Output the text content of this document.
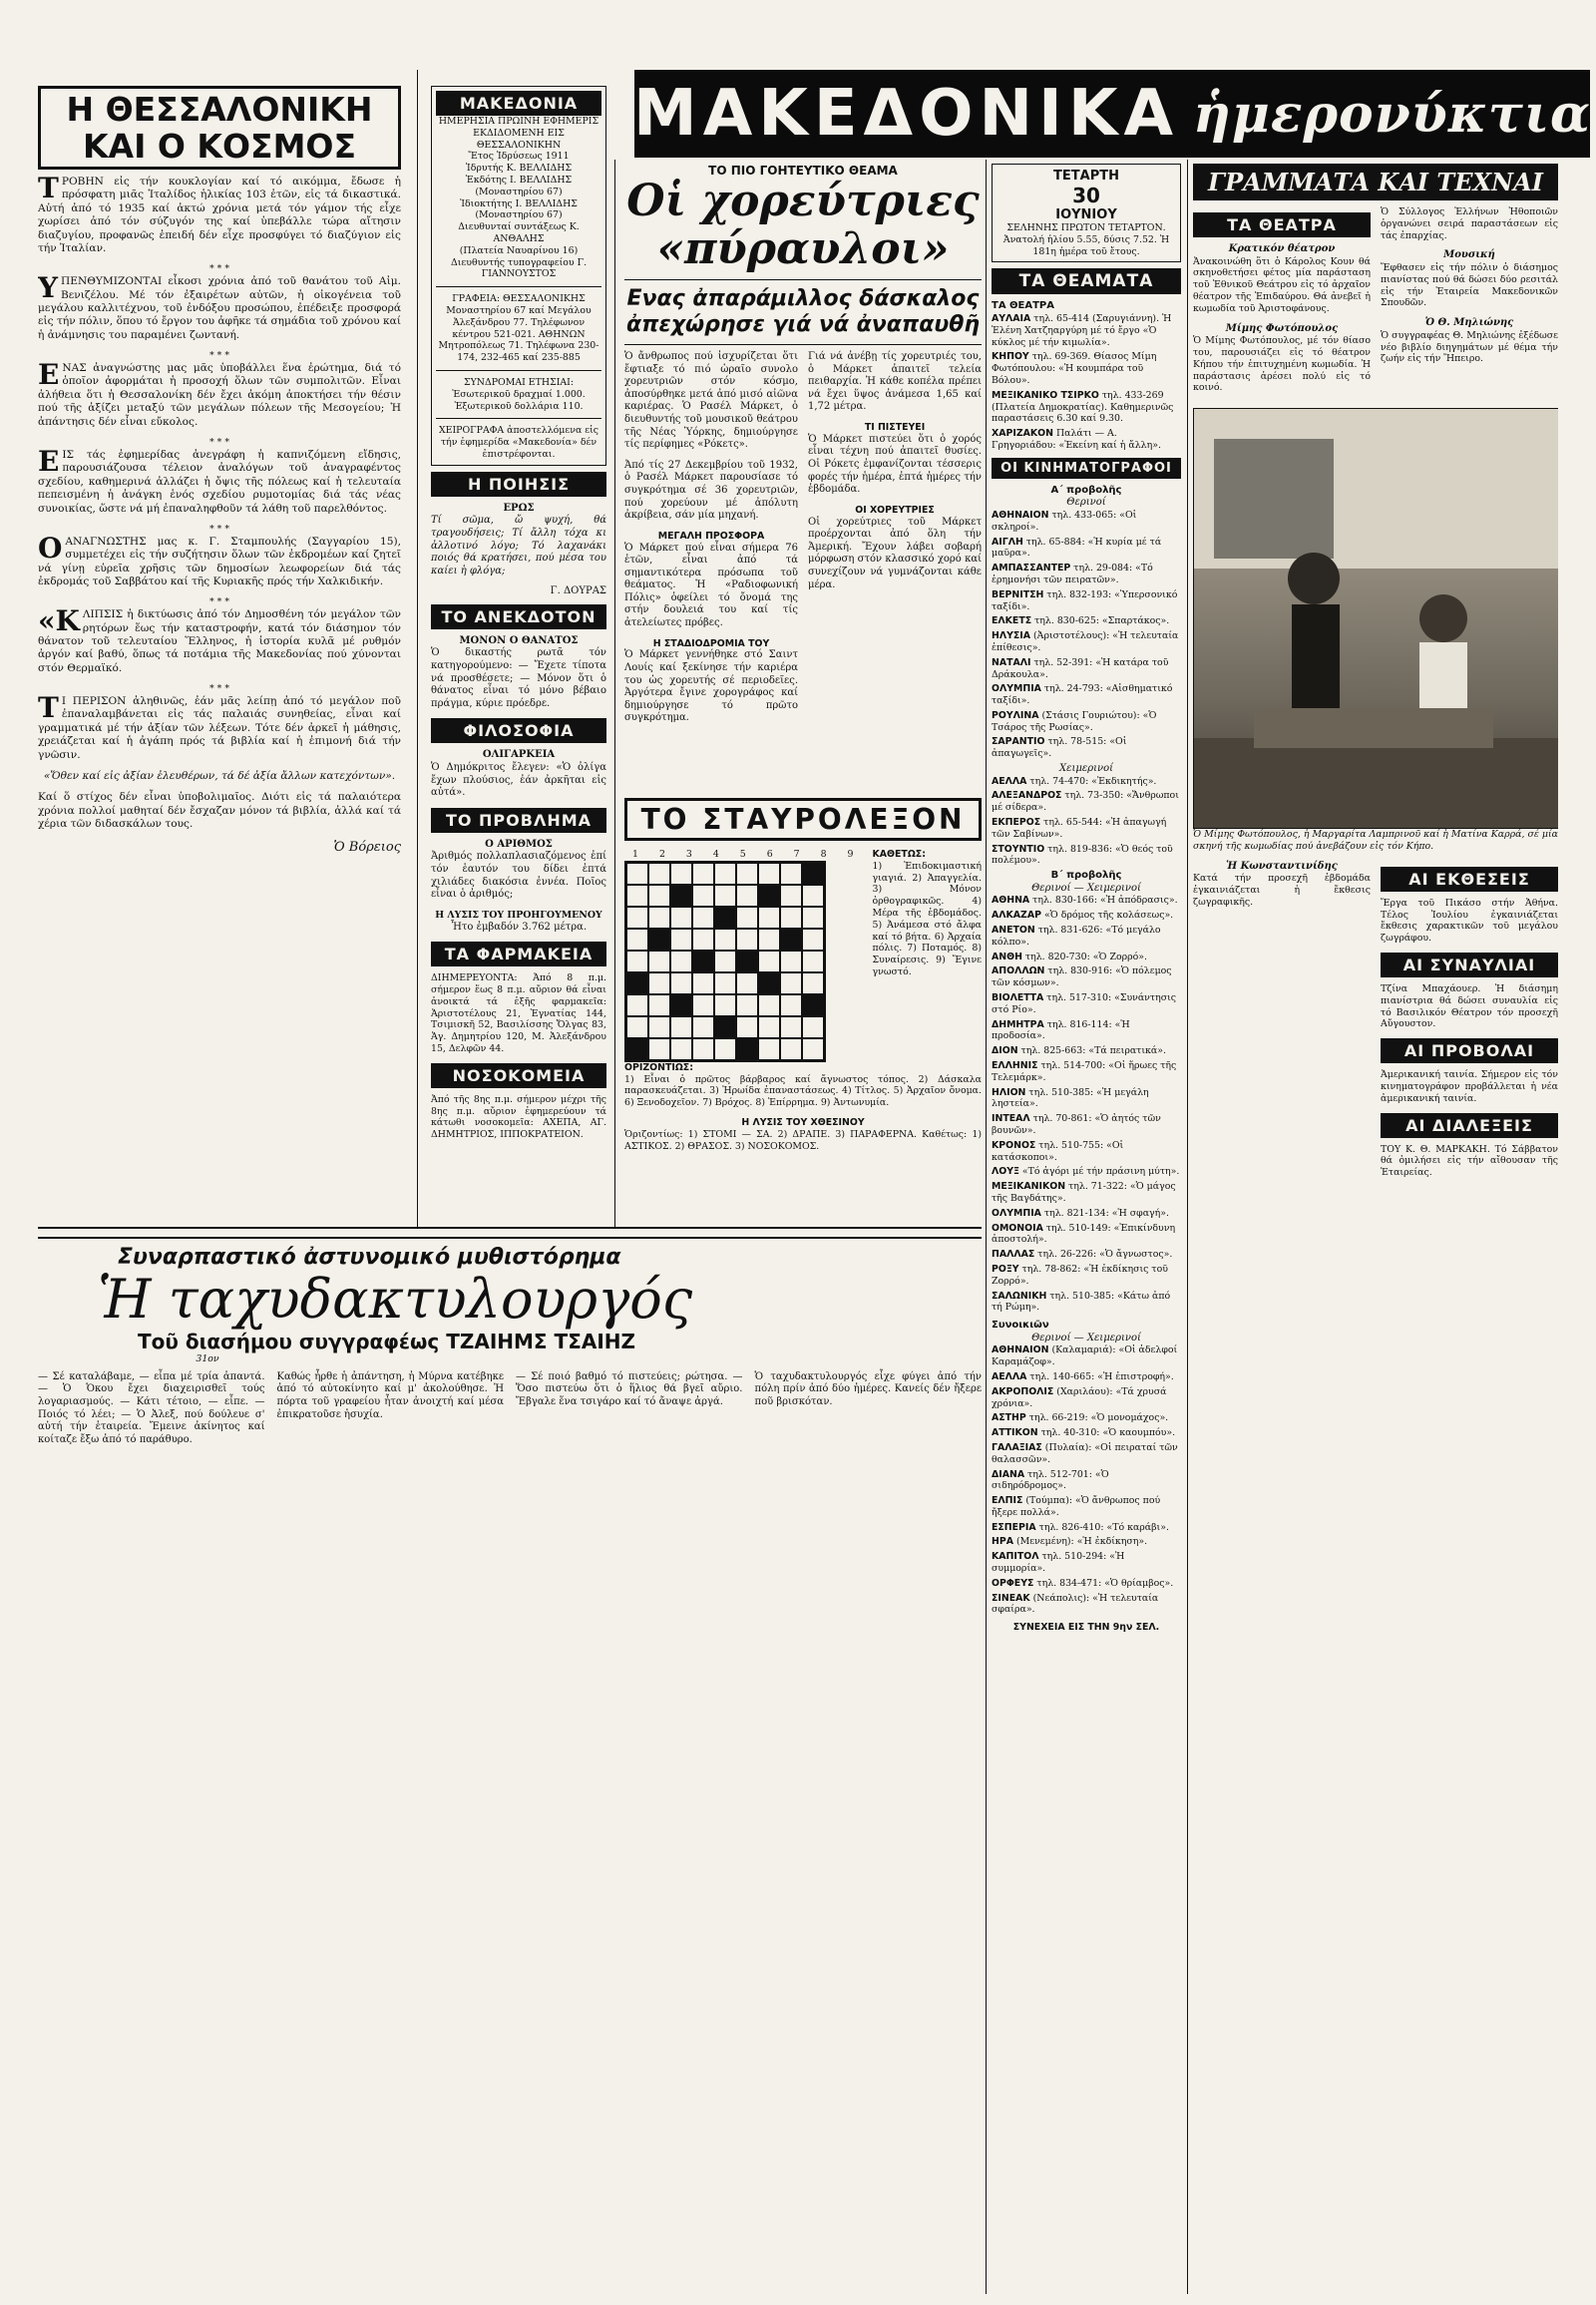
Η ΘΕΣΣΑΛΟΝΙΚΗ ΚΑΙ Ο ΚΟΣΜΟΣ

ΤΡΟΒΗΝ εἰς τήν κουκλογίαν καί τό αικόμμα, ἔδωσε ἡ πρόσφατη μιᾶς Ἰταλίδος ἡλικίας 103 ἐτῶν, εἰς τά δικαστικά. Αὐτή ἀπό τό 1935 καί ἀκτώ χρόνια μετά τόν γάμον τής εἶχε χωρίσει ἀπό τόν σύζυγόν της καί ὑπεβάλλε τώρα αἴτησιν διαζυγίου, προφανῶς ἐπειδή δέν εἶχε προσφύγει τό διαζύγιον εἰς τήν Ἰταλίαν.

* * *

ΥΠΕΝΘΥΜΙΖΟΝΤΑΙ εἶκοσι χρόνια ἀπό τοῦ θανάτου τοῦ Αἰμ. Βενιζέλου. Μέ τόν ἐξαιρέτων αὐτῶν, ἡ οἰκογένεια τοῦ μεγάλου καλλιτέχνου, τοῦ ἐνδόξου προσώπου, ἐπέδειξε προσφορά εἰς τήν πόλιν, ὅπου τό ἔργον του ἀφῆκε τά σημάδια τοῦ χρόνου καί ἡ ἀνάμνησις του παραμένει ζωντανή.

* * *

ΕΝΑΣ ἀναγνώστης μας μᾶς ὑποβάλλει ἕνα ἐρώτημα, διά τό ὁποῖον ἀφορμάται ἡ προσοχή ὅλων τῶν συμπολιτῶν. Εἶναι ἀλήθεια ὅτι ἡ Θεσσαλονίκη δέν ἔχει ἀκόμη ἀποκτήσει τήν θέσιν πού τῆς ἀξίζει μεταξύ τῶν μεγάλων πόλεων τῆς Μεσογείου; Ἡ ἀπάντησις δέν εἶναι εὔκολος.

* * *

ΕΙΣ τάς ἐφημερίδας ἀνεγράφη ἡ καπνιζόμενη εἴδησις, παρουσιάζουσα τέλειον ἀναλόγων τοῦ ἀναγραφέντος σχεδίου, καθημερινά ἀλλάζει ἡ ὄψις τῆς πόλεως καί ἡ τελευταία πεπεισμένη ἡ ἀνάγκη ἑνός σχεδίου ρυμοτομίας διά τάς νέας συνοικίας, ὥστε νά μή ἐπαναληφθοῦν τά λάθη τοῦ παρελθόντος.

* * *

ΟΑΝΑΓΝΩΣΤΗΣ μας κ. Γ. Σταμπουλής (Σαγγαρίου 15), συμμετέχει εἰς τήν συζήτησιν ὅλων τῶν ἐκδρομέων καί ζητεῖ νά γίνῃ εὐρεῖα χρῆσις τῶν δημοσίων λεωφορείων διά τάς ἐκδρομάς τοῦ Σαββάτου καί τῆς Κυριακῆς πρός τήν Χαλκιδικήν.

* * *

«ΚΛΙΠΣΙΣ ἡ δικτύωσις ἀπό τόν Δημοσθένη τόν μεγάλον τῶν ρητόρων ἕως τήν καταστροφήν, κατά τόν διάσημον τόν θάνατον τοῦ τελευταίου Ἕλληνος, ἡ ἱστορία κυλᾶ μέ ρυθμόν ἀργόν καί βαθύ, ὅπως τά ποτάμια τῆς Μακεδονίας πού χύνονται στόν Θερμαϊκό.

* * *

ΤΙ ΠΕΡΙΣΟΝ ἀληθινῶς, ἐάν μᾶς λείπῃ ἀπό τό μεγάλον ποῦ ἐπαναλαμβάνεται εἰς τάς παλαιάς συνηθείας, εἶναι καί γραμματικά μέ τήν ἀξίαν τῶν λέξεων. Τότε δέν ἀρκεῖ ἡ μάθησις, χρειάζεται καί ἡ ἀγάπη πρός τά βιβλία καί ἡ ἐπιμονή διά τήν γνῶσιν.

«Ὅθεν καί εἰς ἀξίαν ἐλευθέρων, τά δέ ἀξία ἄλλων κατεχόντων».

Καί ὅ στίχος δέν εἶναι ὑποβολιμαῖος. Διότι εἰς τά παλαιότερα χρόνια πολλοί μαθηταί δέν ἔσχαζαν μόνον τά βιβλία, ἀλλά καί τά χέρια τῶν διδασκάλων τους.

Ὁ Βόρειος
ΜΑΚΕΔΟΝΙΑ
ΗΜΕΡΗΣΙΑ ΠΡΩΙΝΗ ΕΦΗΜΕΡΙΣ ΕΚΔΙΔΟΜΕΝΗ ΕΙΣ ΘΕΣΣΑΛΟΝΙΚΗΝ
Ἔτος Ἱδρύσεως 1911
Ἱδρυτής Κ. ΒΕΛΛΙΔΗΣ
Ἐκδότης Ι. ΒΕΛΛΙΔΗΣ (Μοναστηρίου 67)
Ἰδιοκτήτης Ι. ΒΕΛΛΙΔΗΣ (Μοναστηρίου 67)
Διευθυνταί συντάξεως Κ. ΑΝΘΑΛΗΣ
(Πλατεία Ναυαρίνου 16) Διευθυντής τυπογραφείου Γ. ΓΙΑΝΝΟΥΣΤΟΣ
ΓΡΑΦΕΙΑ: ΘΕΣΣΑΛΟΝΙΚΗΣ Μοναστηρίου 67 καί Μεγάλου Ἀλεξάνδρου 77. Τηλέφωνον κέντρου 521-021. ΑΘΗΝΩΝ Μητροπόλεως 71. Τηλέφωνα 230-174, 232-465 καί 235-885
ΣΥΝΔΡΟΜΑΙ ΕΤΗΣΙΑΙ: Ἐσωτερικοῦ δραχμαί 1.000. Ἐξωτερικοῦ δολλάρια 110.
ΧΕΙΡΟΓΡΑΦΑ ἀποστελλόμενα εἰς τήν ἐφημερίδα «Μακεδονία» δέν ἐπιστρέφονται.
Η ΠΟΙΗΣΙΣ
ΕΡΩΣ

Τί σῶμα, ὤ ψυχή, θά τραγουδήσεις; Τί ἄλλη τόχα κι ἀλλοτινό λόγο; Τό λαχανάκι ποιός θά κρατήσει, πού μέσα του καίει ἡ φλόγα;

Γ. ΔΟΥΡΑΣ
ΤΟ ΑΝΕΚΔΟΤΟΝ
ΜΟΝΟΝ Ο ΘΑΝΑΤΟΣ

Ὁ δικαστής ρωτᾶ τόν κατηγορούμενο: — Ἔχετε τίποτα νά προσθέσετε; — Μόνον ὅτι ὁ θάνατος εἶναι τό μόνο βέβαιο πράγμα, κύριε πρόεδρε.

ΦΙΛΟΣΟΦΙΑ
ΟΛΙΓΑΡΚΕΙΑ

Ὁ Δημόκριτος ἔλεγεν: «Ὁ ὀλίγα ἔχων πλούσιος, ἐάν ἀρκῆται εἰς αὐτά».

ΤΟ ΠΡΟΒΛΗΜΑ
Ο ΑΡΙΘΜΟΣ

Ἀριθμός πολλαπλασιαζόμενος ἐπί τόν ἑαυτόν του δίδει ἑπτά χιλιάδες διακόσια ἐννέα. Ποῖος εἶναι ὁ ἀριθμός;

Η ΛΥΣΙΣ ΤΟΥ ΠΡΟΗΓΟΥΜΕΝΟΥ

Ἦτο ἐμβαδόν 3.762 μέτρα.

ΤΑ ΦΑΡΜΑΚΕΙΑ

ΔΙΗΜΕΡΕΥΟΝΤΑ: Ἀπό 8 π.μ. σήμερον ἕως 8 π.μ. αὔριον θά εἶναι ἀνοικτά τά ἑξῆς φαρμακεῖα: Ἀριστοτέλους 21, Ἐγνατίας 144, Τσιμισκῆ 52, Βασιλίσσης Ὄλγας 83, Ἁγ. Δημητρίου 120, Μ. Ἀλεξάνδρου 15, Δελφῶν 44.

ΝΟΣΟΚΟΜΕΙΑ

Ἀπό τῆς 8ης π.μ. σήμερον μέχρι τῆς 8ης π.μ. αὔριον ἐφημερεύουν τά κάτωθι νοσοκομεῖα: ΑΧΕΠΑ, ΑΓ. ΔΗΜΗΤΡΙΟΣ, ΙΠΠΟΚΡΑΤΕΙΟΝ.

ΜΑΚΕΔΟΝΙΚΑ ἡμερονύκτια
ΤΟ ΠΙΟ ΓΟΗΤΕΥΤΙΚΟ ΘΕΑΜΑ
Οἱ χορεύτριες «πύραυλοι»
Ενας ἀπαράμιλλος δάσκαλος ἀπεχώρησε γιά νά ἀναπαυθῆ

Ὁ ἄνθρωπος πού ἰσχυρίζεται ὅτι ἔφτιαξε τό πιό ὡραῖο συνολο χορευτριῶν στόν κόσμο, ἀποσύρθηκε μετά ἀπό μισό αἰῶνα καριέρας. Ὁ Ρασέλ Μάρκετ, ὁ διευθυντής τοῦ μουσικοῦ θεάτρου τῆς Νέας Ὑόρκης, δημιούργησε τίς περίφημες «Ρόκετς».

Ἀπό τίς 27 Δεκεμβρίου τοῦ 1932, ὁ Ρασέλ Μάρκετ παρουσίασε τό συγκρότημα σέ 36 χορευτριῶν, πού χορεύουν μέ ἀπόλυτη ἀκρίβεια, σάν μία μηχανή.

ΜΕΓΑΛΗ ΠΡΟΣΦΟΡΑ

Ὁ Μάρκετ πού εἶναι σήμερα 76 ἐτῶν, εἶναι ἀπό τά σημαντικότερα πρόσωπα τοῦ θεάματος. Ἡ «Ραδιοφωνική Πόλις» ὀφείλει τό ὄνομά της στήν δουλειά του καί τίς ἀτελείωτες πρόβες.

Η ΣΤΑΔΙΟΔΡΟΜΙΑ ΤΟΥ

Ὁ Μάρκετ γεννήθηκε στό Σαιντ Λουίς καί ξεκίνησε τήν καριέρα του ὡς χορευτής σέ περιοδεῖες. Ἀργότερα ἔγινε χορογράφος καί δημιούργησε τό πρῶτο συγκρότημα.

Γιά νά ἀνέβῃ τίς χορευτριές του, ὁ Μάρκετ ἀπαιτεῖ τελεία πειθαρχία. Ἡ κάθε κοπέλα πρέπει νά ἔχει ὕψος ἀνάμεσα 1,65 καί 1,72 μέτρα.

ΤΙ ΠΙΣΤΕΥΕΙ

Ὁ Μάρκετ πιστεύει ὅτι ὁ χορός εἶναι τέχνη πού ἀπαιτεῖ θυσίες. Οἱ Ρόκετς ἐμφανίζονται τέσσερις φορές τήν ἡμέρα, ἐπτά ἡμέρες τήν ἑβδομάδα.

ΟΙ ΧΟΡΕΥΤΡΙΕΣ

Οἱ χορεύτριες τοῦ Μάρκετ προέρχονται ἀπό ὅλη τήν Ἀμερική. Ἔχουν λάβει σοβαρή μόρφωση στόν κλασσικό χορό καί συνεχίζουν νά γυμνάζονται κάθε μέρα.

ΤΟ ΣΤΑΥΡΟΛΕΞΟΝ
1 2 3 4 5 6 7 8 9 ΚΑΘΕΤΩΣ:

1) Ἐπιδοκιμαστική γιαγιά. 2) Ἀπαγγελία. 3) Μόνον ὀρθογραφικῶς. 4) Μέρα τῆς ἑβδομάδος. 5) Ἀνάμεσα στό ἄλφα καί τό βήτα. 6) Ἀρχαία πόλις. 7) Ποταμός. 8) Συναίρεσις. 9) Ἔγινε γνωστό.

ΟΡΙΖΟΝΤΙΩΣ:

1) Εἶναι ὁ πρῶτος βάρβαρος καί ἄγνωστος τόπος. 2) Δάσκαλα παρασκευάζεται. 3) Ἠρωίδα ἐπαναστάσεως. 4) Τίτλος. 5) Ἀρχαῖον ὄνομα. 6) Ξενοδοχεῖον. 7) Βρόχος. 8) Ἐπίρρημα. 9) Ἀντωνυμία.

Η ΛΥΣΙΣ ΤΟΥ ΧΘΕΣΙΝΟΥ

Ὁριζοντίως: 1) ΣΤΟΜΙ — ΣΑ. 2) ΔΡΑΠΕ. 3) ΠΑΡΑΦΕΡΝΑ. Καθέτως: 1) ΑΣΤΙΚΟΣ. 2) ΘΡΑΣΟΣ. 3) ΝΟΣΟΚΟΜΟΣ.

ΤΕΤΑΡΤΗ
30
ΙΟΥΝΙΟΥ
ΣΕΛΗΝΗΣ ΠΡΩΤΟΝ ΤΕΤΑΡΤΟΝ. Ἀνατολή ἡλίου 5.55, δύσις 7.52. Ἡ 181η ἡμέρα τοῦ ἔτους.
ΤΑ ΘΕΑΜΑΤΑ
ΤΑ ΘΕΑΤΡΑ
ΑΥΛΑΙΑ τηλ. 65-414 (Σαρυγιάννη). Ἡ Ἑλένη Χατζηαργύρη μέ τό ἔργο «Ὁ κύκλος μέ τήν κιμωλία».
ΚΗΠΟΥ τηλ. 69-369. Θίασος Μίμη Φωτόπουλου: «Ἡ κουμπάρα τοῦ Βόλου».
ΜΕΞΙΚΑΝΙΚΟ ΤΣΙΡΚΟ τηλ. 433-269 (Πλατεία Δημοκρατίας). Καθημερινῶς παραστάσεις 6.30 καί 9.30.
ΧΑΡΙΖΑΚΟΝ Παλάτι — Α. Γρηγοριάδου: «Ἐκείνη καί ἡ ἄλλη».
ΟΙ ΚΙΝΗΜΑΤΟΓΡΑΦΟΙ
Α΄ προβολῆς
Θερινοί
ΑΘΗΝΑΙΟΝ τηλ. 433-065: «Οἱ σκληροί».
ΑΙΓΛΗ τηλ. 65-884: «Ἡ κυρία μέ τά μαῦρα».
ΑΜΠΑΣΣΑΝΤΕΡ τηλ. 29-084: «Τό ἐρημονήσι τῶν πειρατῶν».
ΒΕΡΝΙΤΣΗ τηλ. 832-193: «Ὑπερσονικό ταξίδι».
ΕΛΚΕΤΣ τηλ. 830-625: «Σπαρτάκος».
ΗΛΥΣΙΑ (Ἀριστοτέλους): «Ἡ τελευταία ἐπίθεσις».
ΝΑΤΑΛΙ τηλ. 52-391: «Ἡ κατάρα τοῦ Δράκουλα».
ΟΛΥΜΠΙΑ τηλ. 24-793: «Αἰσθηματικό ταξίδι».
ΡΟΥΛΙΝΑ (Στάσις Γουριώτου): «Ὁ Τσάρος τῆς Ρωσίας».
ΣΑΡΑΝΤΙΟ τηλ. 78-515: «Οἱ ἀπαγωγεῖς».
Χειμερινοί
ΑΕΛΛΑ τηλ. 74-470: «Ἐκδικητής».
ΑΛΕΞΑΝΔΡΟΣ τηλ. 73-350: «Ἄνθρωποι μέ σίδερα».
ΕΚΠΕΡΟΣ τηλ. 65-544: «Ἡ ἀπαγωγή τῶν Σαβίνων».
ΣΤΟΥΝΤΙΟ τηλ. 819-836: «Ὁ θεός τοῦ πολέμου».
Β΄ προβολῆς
Θερινοί — Χειμερινοί
ΑΘΗΝΑ τηλ. 830-166: «Ἡ ἀπόδρασις».
ΑΛΚΑΖΑΡ «Ὁ δρόμος τῆς κολάσεως».
ΑΝΕΤΟΝ τηλ. 831-626: «Τό μεγάλο κόλπο».
ΑΝΘΗ τηλ. 820-730: «Ὁ Ζορρό».
ΑΠΟΛΛΩΝ τηλ. 830-916: «Ὁ πόλεμος τῶν κόσμων».
ΒΙΟΛΕΤΤΑ τηλ. 517-310: «Συνάντησις στό Ρίο».
ΔΗΜΗΤΡΑ τηλ. 816-114: «Ἡ προδοσία».
ΔΙΟΝ τηλ. 825-663: «Τά πειρατικά».
ΕΛΛΗΝΙΣ τηλ. 514-700: «Οἱ ἥρωες τῆς Τελεμάρκ».
ΗΛΙΟΝ τηλ. 510-385: «Ἡ μεγάλη ληστεία».
ΙΝΤΕΑΛ τηλ. 70-861: «Ὁ ἀητός τῶν βουνῶν».
ΚΡΟΝΟΣ τηλ. 510-755: «Οἱ κατάσκοποι».
ΛΟΥΞ «Τό ἀγόρι μέ τήν πράσινη μύτη».
ΜΕΞΙΚΑΝΙΚΟΝ τηλ. 71-322: «Ὁ μάγος τῆς Βαγδάτης».
ΟΛΥΜΠΙΑ τηλ. 821-134: «Ἡ σφαγή».
ΟΜΟΝΟΙΑ τηλ. 510-149: «Ἐπικίνδυνη ἀποστολή».
ΠΑΛΛΑΣ τηλ. 26-226: «Ὁ ἄγνωστος».
ΡΟΞΥ τηλ. 78-862: «Ἡ ἐκδίκησις τοῦ Ζορρό».
ΣΑΛΩΝΙΚΗ τηλ. 510-385: «Κάτω ἀπό τή Ρώμη».
Συνοικιῶν
Θερινοί — Χειμερινοί
ΑΘΗΝΑΙΟΝ (Καλαμαριά): «Οἱ ἀδελφοί Καραμάζοφ».
ΑΕΛΛΑ τηλ. 140-665: «Ἡ ἐπιστροφή».
ΑΚΡΟΠΟΛΙΣ (Χαριλάου): «Τά χρυσά χρόνια».
ΑΣΤΗΡ τηλ. 66-219: «Ὁ μονομάχος».
ΑΤΤΙΚΟΝ τηλ. 40-310: «Ὁ καουμπόυ».
ΓΑΛΑΞΙΑΣ (Πυλαία): «Οἱ πειραταί τῶν θαλασσῶν».
ΔΙΑΝΑ τηλ. 512-701: «Ὁ σιδηρόδρομος».
ΕΛΠΙΣ (Τούμπα): «Ὁ ἄνθρωπος πού ἤξερε πολλά».
ΕΣΠΕΡΙΑ τηλ. 826-410: «Τό καράβι».
ΗΡΑ (Μενεμένη): «Ἡ ἐκδίκηση».
ΚΑΠΙΤΟΛ τηλ. 510-294: «Ἡ συμμορία».
ΟΡΦΕΥΣ τηλ. 834-471: «Ὁ θρίαμβος».
ΣΙΝΕΑΚ (Νεάπολις): «Ἡ τελευταία σφαίρα».
ΣΥΝΕΧΕΙΑ ΕΙΣ ΤΗΝ 9ην ΣΕΛ.
ΓΡΑΜΜΑΤΑ ΚΑΙ ΤΕΧΝΑΙ
ΤΑ ΘΕΑΤΡΑ
Κρατικόν θέατρον

Ἀνακοινώθη ὅτι ὁ Κάρολος Κουν θά σκηνοθετήσει φέτος μία παράσταση τοῦ Ἐθνικοῦ Θεάτρου εἰς τό ἀρχαῖον θέατρον τῆς Ἐπιδαύρου. Θά ἀνεβεῖ ἡ κωμωδία τοῦ Ἀριστοφάνους.

Μίμης Φωτόπουλος

Ὁ Μίμης Φωτόπουλος, μέ τόν θίασο του, παρουσιάζει εἰς τό θέατρον Κήπου τήν ἐπιτυχημένη κωμωδία. Ἡ παράστασις ἀρέσει πολύ εἰς τό κοινό.

Ὁ Σύλλογος Ἑλλήνων Ἠθοποιῶν ὀργανώνει σειρά παραστάσεων εἰς τάς ἐπαρχίας.

Μουσική

Ἔφθασεν εἰς τήν πόλιν ὁ διάσημος πιανίστας πού θά δώσει δύο ρεσιτάλ εἰς τήν Ἑταιρεία Μακεδονικῶν Σπουδῶν.

Ὁ Θ. Μηλιώνης

Ὁ συγγραφέας Θ. Μηλιώνης ἐξέδωσε νέο βιβλίο διηγημάτων μέ θέμα τήν ζωήν εἰς τήν Ἤπειρο.

Ὁ Μίμης Φωτόπουλος, ἡ Μαργαρίτα Λαμπρινοῦ καί ἡ Ματίνα Καρρά, σέ μία σκηνή τῆς κωμωδίας πού ἀνεβάζουν εἰς τόν Κήπο.

Ἡ Κωνσταντινίδης

Κατά τήν προσεχῆ ἑβδομάδα ἐγκαινιάζεται ἡ ἔκθεσις ζωγραφικῆς.

ΑΙ ΕΚΘΕΣΕΙΣ

Ἔργα τοῦ Πικάσο στήν Ἀθήνα. Τέλος Ἰουλίου ἐγκαινιάζεται ἔκθεσις χαρακτικῶν τοῦ μεγάλου ζωγράφου.

ΑΙ ΣΥΝΑΥΛΙΑΙ

Τζίνα Μπαχάουερ. Ἡ διάσημη πιανίστρια θά δώσει συναυλία εἰς τό Βασιλικόν Θέατρον τόν προσεχῆ Αὔγουστον.

ΑΙ ΠΡΟΒΟΛΑΙ

Ἀμερικανική ταινία. Σήμερον εἰς τόν κινηματογράφον προβάλλεται ἡ νέα ἀμερικανική ταινία.

ΑΙ ΔΙΑΛΕΞΕΙΣ

ΤΟΥ Κ. Θ. ΜΑΡΚΑΚΗ. Τό Σάββατον θά ὁμιλήσει εἰς τήν αἴθουσαν τῆς Ἑταιρείας.

Συναρπαστικό ἀστυνομικό μυθιστόρημα
Ἡ ταχυδακτυλουργός
Τοῦ διασήμου συγγραφέως ΤΖΑΙΗΜΣ ΤΣΑΙΗΖ
31ον

— Σέ καταλάβαμε, — εἶπα μέ τρία ἀπαντά. — Ὁ Ὁκου ἔχει διαχειρισθεῖ τούς λογαριασμούς. — Κάτι τέτοιο, — εἶπε. — Ποιός τό λέει; — Ὁ Ἀλεξ, πού δούλευε σ' αὐτή τήν ἑταιρεία. Ἔμεινε ἀκίνητος καί κοίταζε ἔξω ἀπό τό παράθυρο.

Καθώς ἦρθε ἡ ἀπάντηση, ἡ Μύρνα κατέβηκε ἀπό τό αὐτοκίνητο καί μ' ἀκολούθησε. Ἡ πόρτα τοῦ γραφείου ἦταν ἀνοιχτή καί μέσα ἐπικρατοῦσε ἡσυχία.

— Σέ ποιό βαθμό τό πιστεύεις; ρώτησα. — Ὅσο πιστεύω ὅτι ὁ ἥλιος θά βγεῖ αὔριο. Ἔβγαλε ἕνα τσιγάρο καί τό ἄναψε ἀργά.

Ὁ ταχυδακτυλουργός εἶχε φύγει ἀπό τήν πόλη πρίν ἀπό δύο ἡμέρες. Κανείς δέν ἤξερε ποῦ βρισκόταν.
